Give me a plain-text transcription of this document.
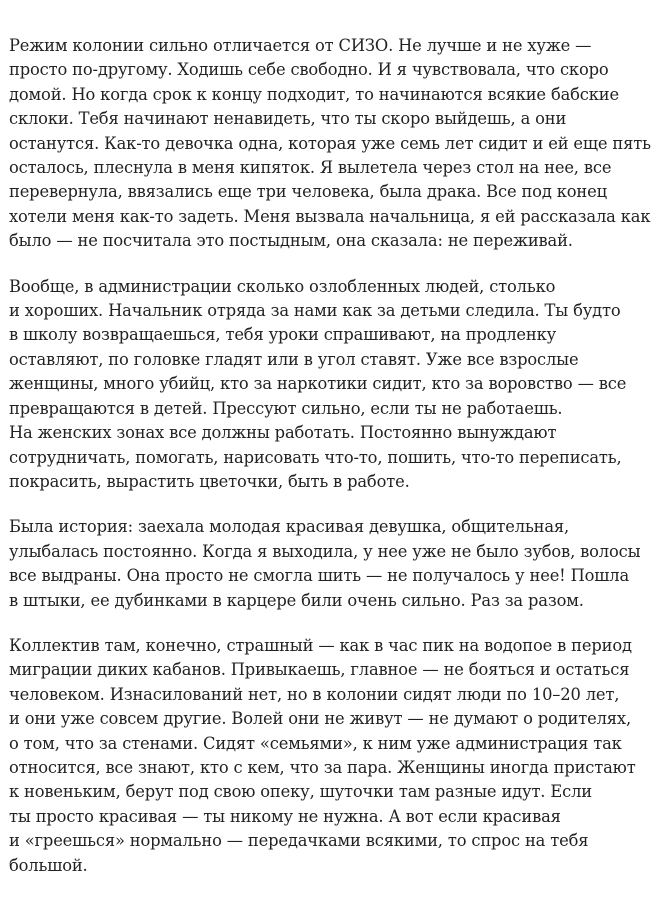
Режим колонии сильно отличается от СИЗО. Не лучше и не хуже —
просто по-другому. Ходишь себе свободно. И я чувствовала, что скоро
домой. Но когда срок к концу подходит, то начинаются всякие бабские
склоки. Тебя начинают ненавидеть, что ты скоро выйдешь, а они
останутся. Как-то девочка одна, которая уже семь лет сидит и ей еще пять
осталось, плеснула в меня кипяток. Я вылетела через стол на нее, все
перевернула, ввязались еще три человека, была драка. Все под конец
хотели меня как-то задеть. Меня вызвала начальница, я ей рассказала как
было — не посчитала это постыдным, она сказала: не переживай.
Вообще, в администрации сколько озлобленных людей, столько
и хороших. Начальник отряда за нами как за детьми следила. Ты будто
в школу возвращаешься, тебя уроки спрашивают, на продленку
оставляют, по головке гладят или в угол ставят. Уже все взрослые
женщины, много убийц, кто за наркотики сидит, кто за воровство — все
превращаются в детей. Прессуют сильно, если ты не работаешь.
На женских зонах все должны работать. Постоянно вынуждают
сотрудничать, помогать, нарисовать что-то, пошить, что-то переписать,
покрасить, вырастить цветочки, быть в работе.
Была история: заехала молодая красивая девушка, общительная,
улыбалась постоянно. Когда я выходила, у нее уже не было зубов, волосы
все выдраны. Она просто не смогла шить — не получалось у нее! Пошла
в штыки, ее дубинками в карцере били очень сильно. Раз за разом.
Коллектив там, конечно, страшный — как в час пик на водопое в период
миграции диких кабанов. Привыкаешь, главное — не бояться и остаться
человеком. Изнасилований нет, но в колонии сидят люди по 10–20 лет,
и они уже совсем другие. Волей они не живут — не думают о родителях,
о том, что за стенами. Сидят «семьями», к ним уже администрация так
относится, все знают, кто с кем, что за пара. Женщины иногда пристают
к новеньким, берут под свою опеку, шуточки там разные идут. Если
ты просто красивая — ты никому не нужна. А вот если красивая
и «греешься» нормально — передачками всякими, то спрос на тебя
большой.
